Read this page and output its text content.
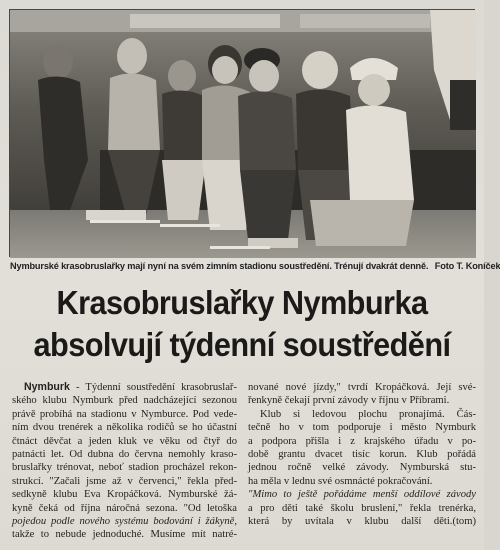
Nymburské krasobruslařky mají nyní na svém zimním stadionu soustředění. Trénují dvakrát denně. Foto T. Koníček
Krasobruslařky Nymburka
absolvují týdenní soustředění
Nymburk - Týdenní soustředění krasobruslař-
ského klubu Nymburk před nadcházející sezonou
právě probíhá na stadionu v Nymburce. Pod vede-
ním dvou trenérek a několika rodičů se ho účastní
čtnáct děvčat a jeden kluk ve věku od čtyř do
patnácti let. Od dubna do června nemohly kraso-
bruslařky trénovat, neboť stadion procházel rekon-
strukcí. "Začali jsme až v červenci," řekla před-
sedkyně klubu Eva Kropáčková. Nymburské žá-
kyně čeká od října náročná sezona. "Od letoška
pojedou podle nového systému bodování i žákyně,
takže to nebude jednoduché. Musíme mít natré-
nované nové jízdy," tvrdí Kropáčková. Její své-
řenkyně čekají první závody v říjnu v Příbrami.
Klub si ledovou plochu pronajímá. Čás-
tečně ho v tom podporuje i město Nymburk
a podpora přišla i z krajského úřadu v po-
době grantu dvacet tisíc korun. Klub pořádá
jednou ročně velké závody. Nymburská stu-
ha měla v lednu své osmnácté pokračování.
"Mimo to ještě pořádáme menší oddílové závody
a pro děti také školu bruslení," řekla trenérka,
která by uvítala v klubu další děti. (tom)
